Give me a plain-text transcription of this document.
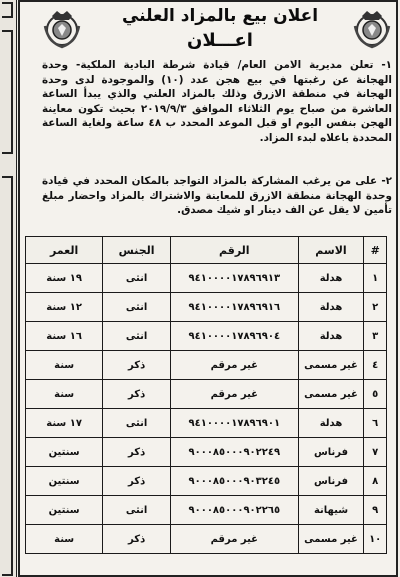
اعلان بيع بالمزاد العلني
اعـــلان
١- تعلن مديرية الامن العام/ قيادة شرطة البادية الملكية- وحدة الهجانة عن رغبتها في بيع هجن عدد (١٠) والموجودة لدى وحدة الهجانة في منطقة الازرق وذلك بالمزاد العلني والذي يبدأ الساعة العاشرة من صباح يوم الثلاثاء الموافق ٢٠١٩/٩/٣ بحيث تكون معاينة الهجن بنفس اليوم او قبل الموعد المحدد ب ٤٨ ساعة ولغاية الساعة المحددة باعلاه لبدء المزاد.
٢- على من يرغب المشاركة بالمزاد التواجد بالمكان المحدد في قيادة وحدة الهجانة منطقة الازرق للمعاينة والاشتراك بالمزاد واحضار مبلغ تأمين لا يقل عن الف دينار او شيك مصدق.
#	الاسم	الرقم	الجنس	العمر
١	هدلة	٩٤١٠٠٠٠١٧٨٩٦٩١٣	انثى	١٩ سنة
٢	هدلة	٩٤١٠٠٠٠١٧٨٩٦٩١٦	انثى	١٢ سنة
٣	هدلة	٩٤١٠٠٠٠١٧٨٩٦٩٠٤	انثى	١٦ سنة
٤	غير مسمى	غير مرقم	ذكر	سنة
٥	غير مسمى	غير مرقم	ذكر	سنة
٦	هدلة	٩٤١٠٠٠٠١٧٨٩٦٩٠١	انثى	١٧ سنة
٧	فرناس	٩٠٠٠٨٥٠٠٠٩٠٢٢٤٩	ذكر	سنتين
٨	فرناس	٩٠٠٠٨٥٠٠٠٩٠٣٢٤٥	ذكر	سنتين
٩	شيهانة	٩٠٠٠٨٥٠٠٠٩٠٢٢٦٥	انثى	سنتين
١٠	غير مسمى	غير مرقم	ذكر	سنة
